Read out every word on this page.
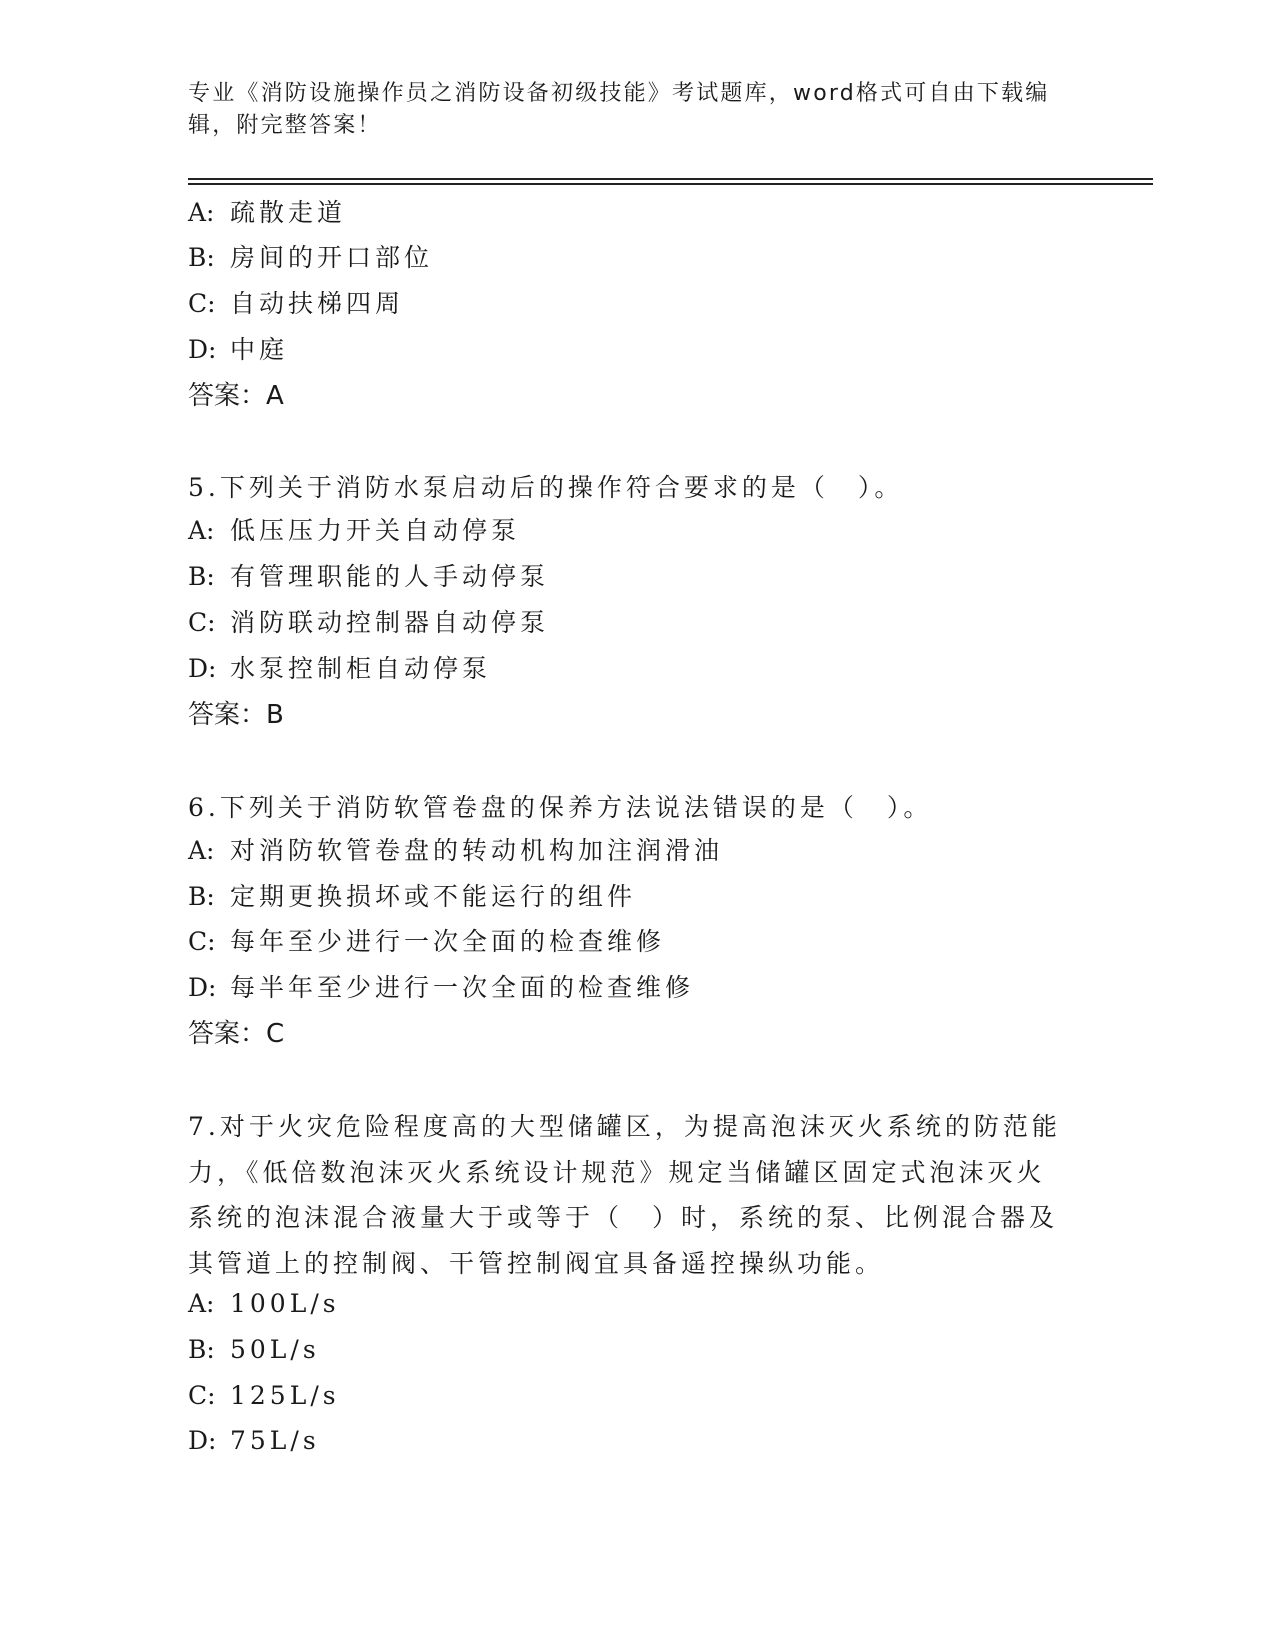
专业《消防设施操作员之消防设备初级技能》考试题库，word格式可自由下载编
辑，附完整答案！
A: 疏散走道
B: 房间的开口部位
C: 自动扶梯四周
D: 中庭
答案：A
5.下列关于消防水泵启动后的操作符合要求的是（　）。
A: 低压压力开关自动停泵
B: 有管理职能的人手动停泵
C: 消防联动控制器自动停泵
D: 水泵控制柜自动停泵
答案：B
6.下列关于消防软管卷盘的保养方法说法错误的是（　）。
A: 对消防软管卷盘的转动机构加注润滑油
B: 定期更换损坏或不能运行的组件
C: 每年至少进行一次全面的检查维修
D: 每半年至少进行一次全面的检查维修
答案：C
7.对于火灾危险程度高的大型储罐区，为提高泡沫灭火系统的防范能
力，《低倍数泡沫灭火系统设计规范》规定当储罐区固定式泡沫灭火
系统的泡沫混合液量大于或等于（　）时，系统的泵、比例混合器及
其管道上的控制阀、干管控制阀宜具备遥控操纵功能。
A: 100L/s
B: 50L/s
C: 125L/s
D: 75L/s
